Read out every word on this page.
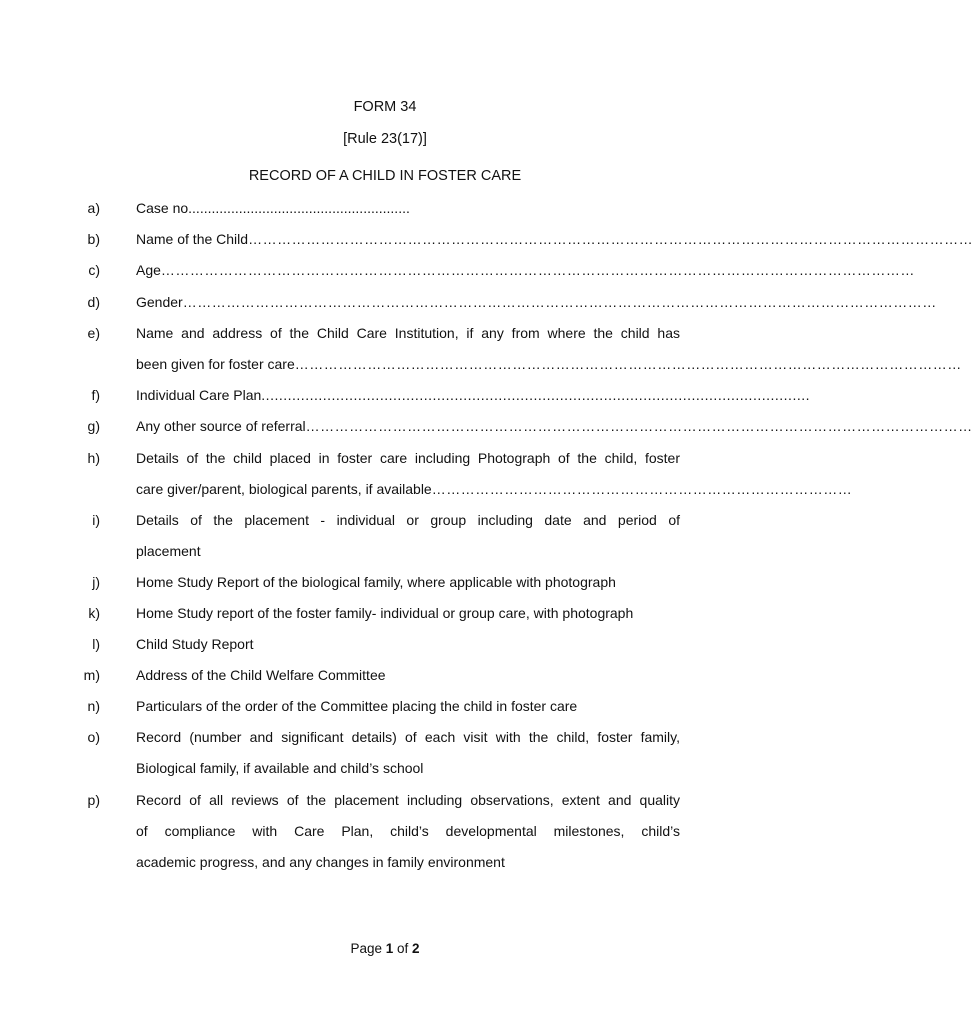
FORM 34
[Rule 23(17)]
RECORD OF A CHILD IN FOSTER CARE
a)	Case no.........................................................
b)	Name of the Child ……………………………………………………………………………………………………………………………………
c)	Age …………………………………………………………………………………………………………………………………………
d)	Gender …………………………………………………………………………………………………………………………………………
e)	Name and address of the Child Care Institution, if any from where the child has
been given for foster care …………………………………………………………………………………………………………………………
f)	Individual Care Plan .............................................................................................................................
g)	Any other source of referral …………………………………………………………………………………………………………………………
h)	Details of the child placed in foster care including Photograph of the child, foster
care giver/parent, biological parents, if available ……………………………………………………………………………
i)	Details of the placement - individual or group including date and period of
placement
j)	Home Study Report of the biological family, where applicable with photograph
k)	Home Study report of the foster family- individual or group care, with photograph
l)	Child Study Report
m)	Address of the Child Welfare Committee
n)	Particulars of the order of the Committee placing the child in foster care
o)	Record (number and significant details) of each visit with the child, foster family,
Biological family, if available and child’s school
p)	Record of all reviews of the placement including observations, extent and quality
of compliance with Care Plan, child’s developmental milestones, child’s
academic progress, and any changes in family environment
Page 1 of 2
